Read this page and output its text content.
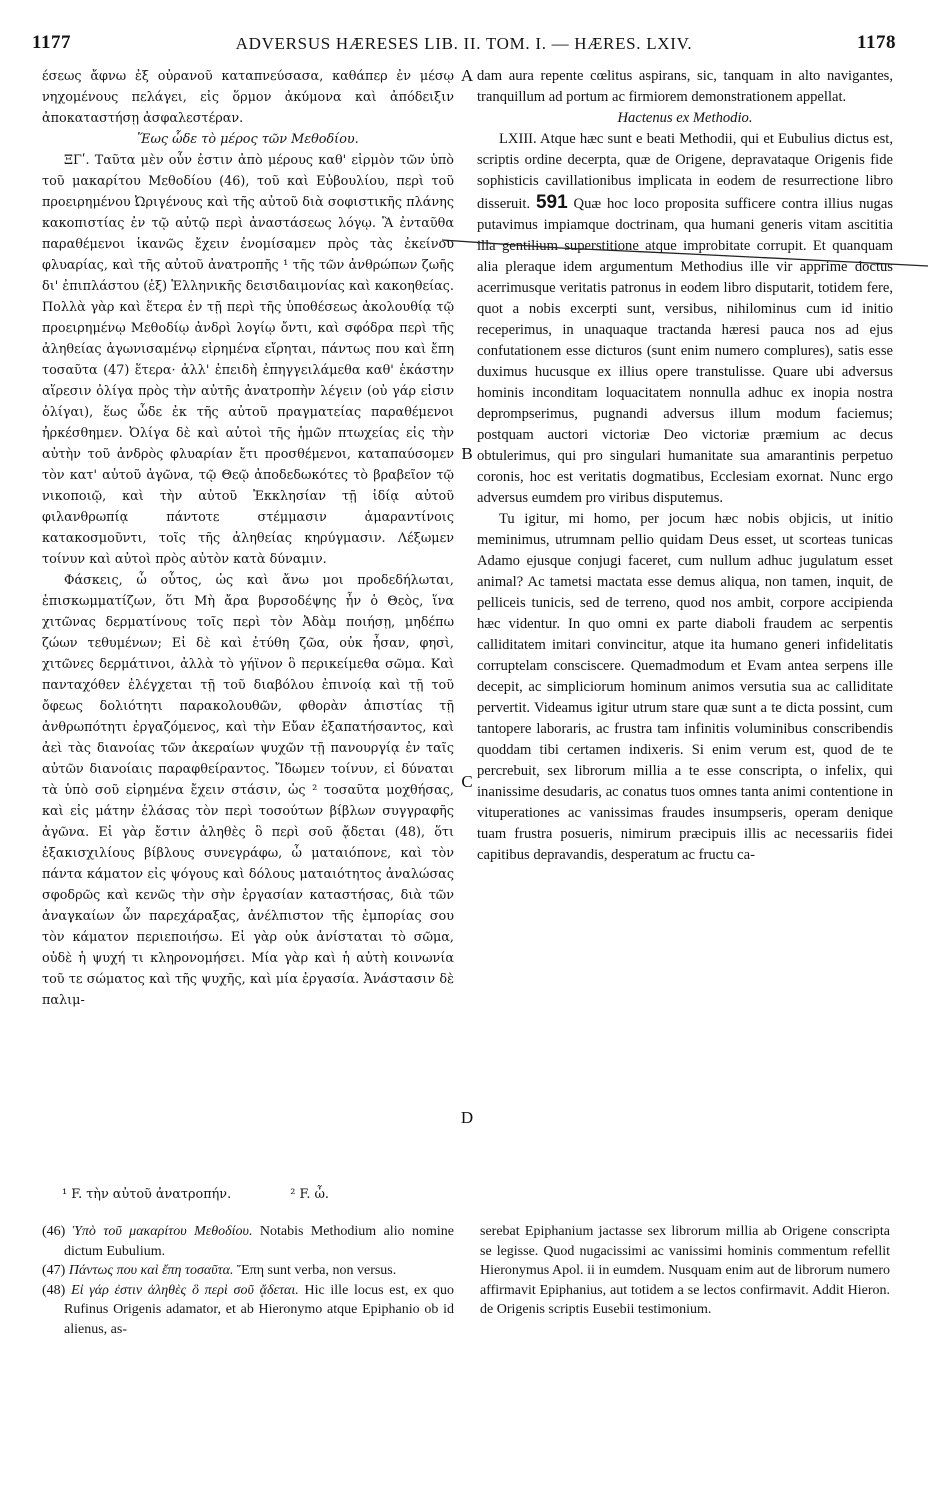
1177	ADVERSUS HÆRESES LIB. II. TOM. I. — HÆRES. LXIV.	1178

έσεως ἄφνω ἐξ οὐρανοῦ καταπνεύσασα, καθάπερ ἐν μέσῳ νηχομένους πελάγει, εἰς ὅρμον ἀκύμονα καὶ ἀπόδειξιν ἀποκαταστήσῃ ἀσφαλεστέραν.

Ἕως ὧδε τὸ μέρος τῶν Μεθοδίου.

ΞΓʹ. Ταῦτα μὲν οὖν ἐστιν ἀπὸ μέρους καθ' εἰρμὸν τῶν ὑπὸ τοῦ μακαρίτου Μεθοδίου (46), τοῦ καὶ Εὐβουλίου, περὶ τοῦ προειρημένου Ὠριγένους καὶ τῆς αὐτοῦ διὰ σοφιστικῆς πλάνης κακοπιστίας ἐν τῷ αὐτῷ περὶ ἀναστάσεως λόγῳ. Ἃ ἐνταῦθα παραθέμενοι ἱκανῶς ἔχειν ἐνομίσαμεν πρὸς τὰς ἐκείνου φλυαρίας, καὶ τῆς αὐτοῦ ἀνατροπῆς ¹ τῆς τῶν ἀνθρώπων ζωῆς δι' ἐπιπλάστου (ἐξ) Ἑλληνικῆς δεισιδαιμονίας καὶ κακοηθείας. Πολλὰ γὰρ καὶ ἕτερα ἐν τῇ περὶ τῆς ὑποθέσεως ἀκολουθίᾳ τῷ προειρημένῳ Μεθοδίῳ ἀνδρὶ λογίῳ ὄντι, καὶ σφόδρα περὶ τῆς ἀληθείας ἀγωνισαμένῳ εἰρημένα εἴρηται, πάντως που καὶ ἔπη τοσαῦτα (47) ἕτερα· ἀλλ' ἐπειδὴ ἐπηγγειλάμεθα καθ' ἑκάστην αἵρεσιν ὀλίγα πρὸς τὴν αὐτῆς ἀνατροπὴν λέγειν (οὐ γάρ εἰσιν ὀλίγαι), ἕως ὧδε ἐκ τῆς αὐτοῦ πραγματείας παραθέμενοι ἠρκέσθημεν. Ὀλίγα δὲ καὶ αὐτοὶ τῆς ἡμῶν πτωχείας εἰς τὴν αὐτὴν τοῦ ἀνδρὸς φλυαρίαν ἔτι προσθέμενοι, καταπαύσομεν τὸν κατ' αὐτοῦ ἀγῶνα, τῷ Θεῷ ἀποδεδωκότες τὸ βραβεῖον τῷ νικοποιῷ, καὶ τὴν αὐτοῦ Ἐκκλησίαν τῇ ἰδίᾳ αὐτοῦ φιλανθρωπίᾳ πάντοτε στέμμασιν ἀμαραντίνοις κατακοσμοῦντι, τοῖς τῆς ἀληθείας κηρύγμασιν. Λέξωμεν τοίνυν καὶ αὐτοὶ πρὸς αὐτὸν κατὰ δύναμιν.

Φάσκεις, ὦ οὗτος, ὡς καὶ ἄνω μοι προδεδήλωται, ἐπισκωμματίζων, ὅτι Μὴ ἄρα βυρσοδέψης ἦν ὁ Θεὸς, ἵνα χιτῶνας δερματίνους τοῖς περὶ τὸν Ἀδὰμ ποιήσῃ, μηδέπω ζώων τεθυμένων; Εἰ δὲ καὶ ἐτύθη ζῶα, οὐκ ἦσαν, φησὶ, χιτῶνες δερμάτινοι, ἀλλὰ τὸ γήϊνον ὃ περικείμεθα σῶμα. Καὶ πανταχόθεν ἐλέγχεται τῇ τοῦ διαβόλου ἐπινοίᾳ καὶ τῇ τοῦ ὄφεως δολιότητι παρακολουθῶν, φθορὰν ἀπιστίας τῇ ἀνθρωπότητι ἐργαζόμενος, καὶ τὴν Εὔαν ἐξαπατήσαντος, καὶ ἀεὶ τὰς διανοίας τῶν ἀκεραίων ψυχῶν τῇ πανουργίᾳ ἐν ταῖς αὐτῶν διανοίαις παραφθείραντος. Ἴδωμεν τοίνυν, εἰ δύναται τὰ ὑπὸ σοῦ εἰρημένα ἔχειν στάσιν, ὡς ² τοσαῦτα μοχθήσας, καὶ εἰς μάτην ἐλάσας τὸν περὶ τοσούτων βίβλων συγγραφῆς ἀγῶνα. Εἰ γὰρ ἔστιν ἀληθὲς ὃ περὶ σοῦ ᾄδεται (48), ὅτι ἑξακισχιλίους βίβλους συνεγράφω, ὦ ματαιόπονε, καὶ τὸν πάντα κάματον εἰς ψόγους καὶ δόλους ματαιότητος ἀναλώσας σφοδρῶς καὶ κενῶς τὴν σὴν ἐργασίαν καταστήσας, διὰ τῶν ἀναγκαίων ὧν παρεχάραξας, ἀνέλπιστον τῆς ἐμπορίας σου τὸν κάματον περιεποιήσω. Εἰ γὰρ οὐκ ἀνίσταται τὸ σῶμα, οὐδὲ ἡ ψυχή τι κληρονομήσει. Μία γὰρ καὶ ἡ αὐτὴ κοινωνία τοῦ τε σώματος καὶ τῆς ψυχῆς, καὶ μία ἐργασία. Ἀνάστασιν δὲ παλιμ-

A
B
C
D

dam aura repente cœlitus aspirans, sic, tanquam in alto navigantes, tranquillum ad portum ac firmiorem demonstrationem appellat.

Hactenus ex Methodio.

LXIII. Atque hæc sunt e beati Methodii, qui et Eubulius dictus est, scriptis ordine decerpta, quæ de Origene, depravataque Origenis fide sophisticis cavillationibus implicata in eodem de resurrectione libro disseruit. 591 Quæ hoc loco proposita sufficere contra illius nugas putavimus impiamque doctrinam, qua humani generis vitam ascititia illa gentilium superstitione atque improbitate corrupit. Et quanquam alia pleraque idem argumentum Methodius ille vir apprime doctus acerrimusque veritatis patronus in eodem libro disputarit, totidem fere, quot a nobis excerpti sunt, versibus, nihilominus cum id initio receperimus, in unaquaque tractanda hæresi pauca nos ad ejus confutationem esse dicturos (sunt enim numero complures), satis esse duximus hucusque ex illius opere transtulisse. Quare ubi adversus hominis inconditam loquacitatem nonnulla adhuc ex inopia nostra deprompserimus, pugnandi adversus illum modum faciemus; postquam auctori victoriæ Deo victoriæ præmium ac decus obtulerimus, qui pro singulari humanitate sua amarantinis perpetuo coronis, hoc est veritatis dogmatibus, Ecclesiam exornat. Nunc ergo adversus eumdem pro viribus disputemus.

Tu igitur, mi homo, per jocum hæc nobis objicis, ut initio meminimus, utrumnam pellio quidam Deus esset, ut scorteas tunicas Adamo ejusque conjugi faceret, cum nullum adhuc jugulatum esset animal? Ac tametsi mactata esse demus aliqua, non tamen, inquit, de pelliceis tunicis, sed de terreno, quod nos ambit, corpore accipienda hæc videntur. In quo omni ex parte diaboli fraudem ac serpentis calliditatem imitari convincitur, atque ita humano generi infidelitatis corruptelam consciscere. Quemadmodum et Evam antea serpens ille decepit, ac simpliciorum hominum animos versutia sua ac calliditate pervertit. Videamus igitur utrum stare quæ sunt a te dicta possint, cum tantopere laboraris, ac frustra tam infinitis voluminibus conscribendis quoddam tibi certamen indixeris. Si enim verum est, quod de te percrebuit, sex librorum millia a te esse conscripta, o infelix, qui inanissime desudaris, ac conatus tuos omnes tanta animi contentione in vituperationes ac vanissimas fraudes insumpseris, operam denique tuam frustra posueris, nimirum præcipuis illis ac necessariis fidei capitibus depravandis, desperatum ac fructu ca-

¹ F. τὴν αὐτοῦ ἀνατροπήν.	² F. ὦ.

(46) Ὑπὸ τοῦ μακαρίτου Μεθοδίου. Notabis Methodium alio nomine dictum Eubulium.

(47) Πάντως που καὶ ἔπη τοσαῦτα. Ἔπη sunt verba, non versus.

(48) Εἰ γάρ ἐστιν ἀληθὲς ὃ περὶ σοῦ ᾄδεται. Hic ille locus est, ex quo Rufinus Origenis adamator, et ab Hieronymo atque Epiphanio ob id alienus, as-

serebat Epiphanium jactasse sex librorum millia ab Origene conscripta se legisse. Quod nugacissimi ac vanissimi hominis commentum refellit Hieronymus Apol. ii in eumdem. Nusquam enim aut de librorum numero affirmavit Epiphanius, aut totidem a se lectos confirmavit. Addit Hieron. de Origenis scriptis Eusebii testimonium.
